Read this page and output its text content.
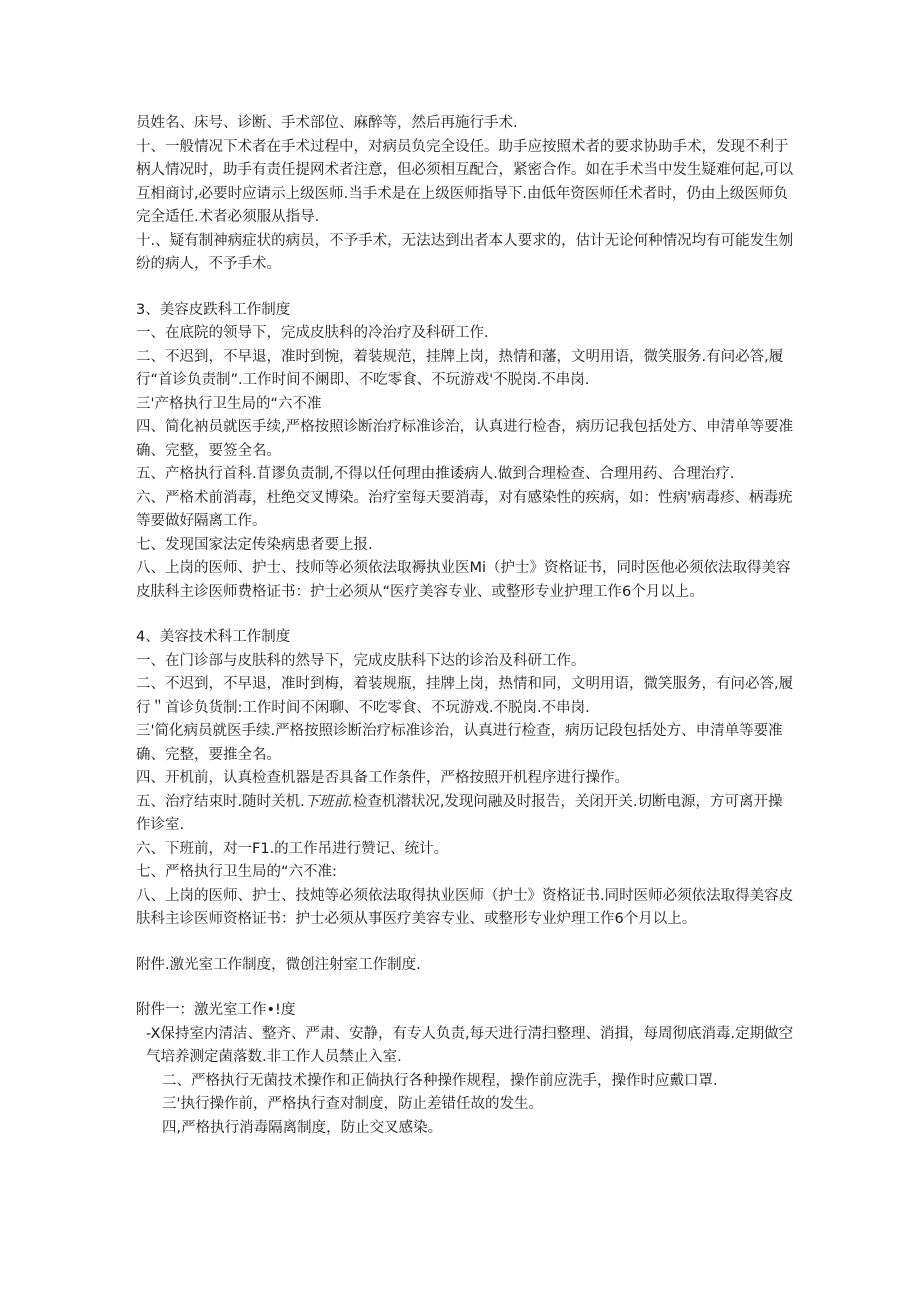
员姓名、床号、诊断、手术部位、麻醉等，然后再施行手术.

十、一般情况下术者在手术过程中，对病员负完全设任。助手应按照术者的要求协助手术，发现不利于柄人情况时，助手有责任提网术者注意，但必须相互配合，紧密合作。如在手术当中发生疑难何起,可以互相商讨,必要时应请示上级医师.当手术是在上级医师指导下.由低年资医师任术者时，仍由上级医师负完全适任.术者必须服从指导.

十.、疑有制神病症状的病员，不予手术，无法达到出者本人要求的，估计无论何种情况均有可能发生刎纷的病人，不予手术。

3、美容皮跌科工作制度

一、在底院的领导下，完成皮肤科的冷治疗及科研工作.

二、不迟到，不早退，准时到惋，着装规范，挂牌上岗，热情和藩，文明用语，微笑服务.有问必答,履行“首诊负责制”.工作时间不阑即、不吃零食、不玩游戏'不脱岗.不串岗.

三'产格执行卫生局的“六不准

四、简化衲员就医手续,严格按照诊断治疗标准诊治，认真进行检杳，病历记我包括处方、申清单等要准确、完整，要签全名。

五、产格执行首科.苜谬负责制,不得以任何理由推诿病人.做到合理检查、合理用药、合理治疗.

六、严格术前消毒，杜绝交叉博染。治疗室每天要消毒，对有感染性的疾病，如：性病'病毒疹、柄毒疣等要做好隔离工作。

七、发现国家法定传染病患者要上报.

八、上岗的医师、护士、技师等必须依法取褥执业医Mi（护士》资格证书，同时医他必须依法取得美容皮肤科主诊医师费格证书：护士必须从“医疗美容专业、或整形专业护理工作6个月以上。

4、美容技术科工作制度

一、在门诊部与皮肤科的然导下，完成皮肤科下达的诊治及科研工作。

二、不迟到，不早退，准时到梅，着装规瓶，挂牌上岗，热情和同，文明用语，微笑服务，有问必答,履行＂首诊负货制:工作时间不闲聊、不吃零食、不玩游戏.不脱岗.不串岗.

三'简化病员就医手续.严格按照诊断治疗标准诊治，认真进行检查，病历记段包括处方、申清单等要准确、完整，要推全名。

四、开机前，认真检查机器是否具备工作条件，严格按照开机程序进行操作。

五、治疗结束时.随时关机.下班前.检查机潜状况,发现问融及时报告，关闭开关.切断电源，方可离开操作诊室.

六、下班前，对一F1.的工作吊进行赞记、统计。

七、严格执行卫生局的“六不准:

八、上岗的医师、护士、技炖等必须依法取得执业医师（护士》资格证书.同时医师必须依法取得美容皮肤科主诊医师资格证书：护士必须从事医疗美容专业、或整形专业炉理工作6个月以上。

附件.激光室工作制度，微创注射室工作制度.

附件一：激光室工作•!度

-X保持室内清洁、整齐、严肃、安静，有专人负责,每天进行清扫整理、消揖，每周彻底消毒.定期做空气培养测定菌落数.非工作人员禁止入室.

二、严格执行无菌技术操作和正倘执行各种操作规程，操作前应洗手，操作时应戴口罩.

三'执行操作前，严格执行查对制度，防止差错任故的发生。

四,严格执行消毒隔离制度，防止交叉感染。
